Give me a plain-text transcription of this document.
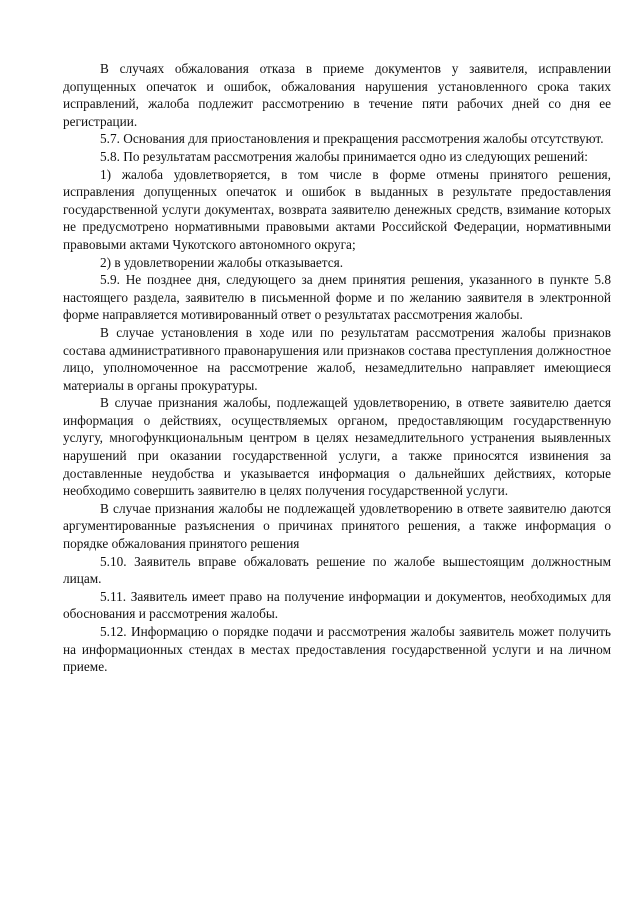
В случаях обжалования отказа в приеме документов у заявителя, исправлении допущенных опечаток и ошибок, обжалования нарушения установленного срока таких исправлений, жалоба подлежит рассмотрению в течение пяти рабочих дней со дня ее регистрации.

5.7. Основания для приостановления и прекращения рассмотрения жалобы отсутствуют.

5.8. По результатам рассмотрения жалобы принимается одно из следующих решений:

1) жалоба удовлетворяется, в том числе в форме отмены принятого решения, исправления допущенных опечаток и ошибок в выданных в результате предоставления государственной услуги документах, возврата заявителю денежных средств, взимание которых не предусмотрено нормативными правовыми актами Российской Федерации, нормативными правовыми актами Чукотского автономного округа;

2) в удовлетворении жалобы отказывается.

5.9. Не позднее дня, следующего за днем принятия решения, указанного в пункте 5.8 настоящего раздела, заявителю в письменной форме и по желанию заявителя в электронной форме направляется мотивированный ответ о результатах рассмотрения жалобы.

В случае установления в ходе или по результатам рассмотрения жалобы признаков состава административного правонарушения или признаков состава преступления должностное лицо, уполномоченное на рассмотрение жалоб, незамедлительно направляет имеющиеся материалы в органы прокуратуры.

В случае признания жалобы, подлежащей удовлетворению, в ответе заявителю дается информация о действиях, осуществляемых органом, предоставляющим государственную услугу, многофункциональным центром в целях незамедлительного устранения выявленных нарушений при оказании государственной услуги, а также приносятся извинения за доставленные неудобства и указывается информация о дальнейших действиях, которые необходимо совершить заявителю в целях получения государственной услуги.

В случае признания жалобы не подлежащей удовлетворению в ответе заявителю даются аргументированные разъяснения о причинах принятого решения, а также информация о порядке обжалования принятого решения

5.10. Заявитель вправе обжаловать решение по жалобе вышестоящим должностным лицам.

5.11. Заявитель имеет право на получение информации и документов, необходимых для обоснования и рассмотрения жалобы.

5.12. Информацию о порядке подачи и рассмотрения жалобы заявитель может получить на информационных стендах в местах предоставления государственной услуги и на личном приеме.
